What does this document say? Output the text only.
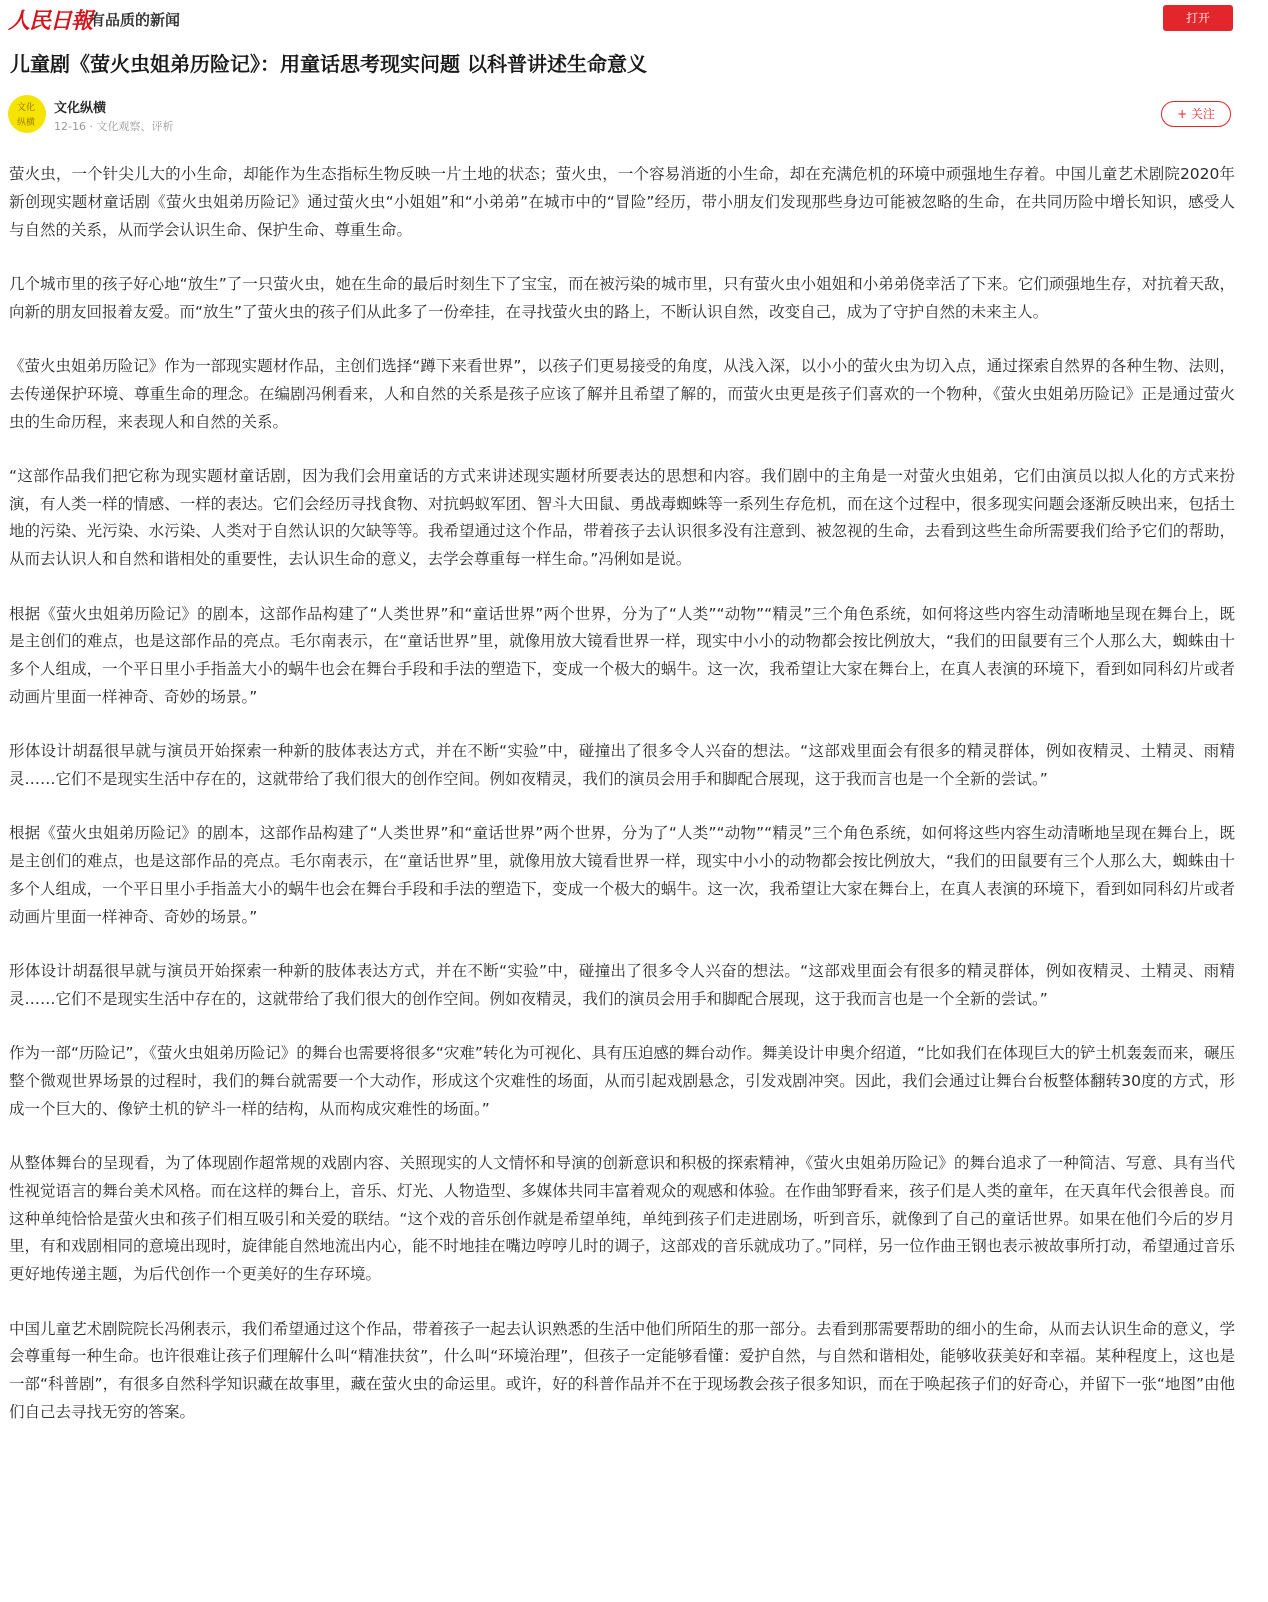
人民日報
有品质的新闻	打开
儿童剧《萤火虫姐弟历险记》：用童话思考现实问题 以科普讲述生命意义
文化
纵横
文化纵横
12-16 · 文化观察、评析
+ 关注

萤火虫，一个针尖儿大的小生命，却能作为生态指标生物反映一片土地的状态；萤火虫，一个容易消逝的小生命，却在充满危机的环境中顽强地生存着。中国儿童艺术剧院2020年新创现实题材童话剧《萤火虫姐弟历险记》通过萤火虫“小姐姐”和“小弟弟”在城市中的“冒险”经历，带小朋友们发现那些身边可能被忽略的生命，在共同历险中增长知识，感受人与自然的关系，从而学会认识生命、保护生命、尊重生命。

几个城市里的孩子好心地“放生”了一只萤火虫，她在生命的最后时刻生下了宝宝，而在被污染的城市里，只有萤火虫小姐姐和小弟弟侥幸活了下来。它们顽强地生存，对抗着天敌，向新的朋友回报着友爱。而“放生”了萤火虫的孩子们从此多了一份牵挂，在寻找萤火虫的路上，不断认识自然，改变自己，成为了守护自然的未来主人。

《萤火虫姐弟历险记》作为一部现实题材作品，主创们选择“蹲下来看世界”，以孩子们更易接受的角度，从浅入深，以小小的萤火虫为切入点，通过探索自然界的各种生物、法则，去传递保护环境、尊重生命的理念。在编剧冯俐看来，人和自然的关系是孩子应该了解并且希望了解的，而萤火虫更是孩子们喜欢的一个物种，《萤火虫姐弟历险记》正是通过萤火虫的生命历程，来表现人和自然的关系。

“这部作品我们把它称为现实题材童话剧，因为我们会用童话的方式来讲述现实题材所要表达的思想和内容。我们剧中的主角是一对萤火虫姐弟，它们由演员以拟人化的方式来扮演，有人类一样的情感、一样的表达。它们会经历寻找食物、对抗蚂蚁军团、智斗大田鼠、勇战毒蜘蛛等一系列生存危机，而在这个过程中，很多现实问题会逐渐反映出来，包括土地的污染、光污染、水污染、人类对于自然认识的欠缺等等。我希望通过这个作品，带着孩子去认识很多没有注意到、被忽视的生命，去看到这些生命所需要我们给予它们的帮助，从而去认识人和自然和谐相处的重要性，去认识生命的意义，去学会尊重每一样生命。”冯俐如是说。

根据《萤火虫姐弟历险记》的剧本，这部作品构建了“人类世界”和“童话世界”两个世界，分为了“人类”“动物”“精灵”三个角色系统，如何将这些内容生动清晰地呈现在舞台上，既是主创们的难点，也是这部作品的亮点。毛尔南表示，在“童话世界”里，就像用放大镜看世界一样，现实中小小的动物都会按比例放大，“我们的田鼠要有三个人那么大，蜘蛛由十多个人组成，一个平日里小手指盖大小的蜗牛也会在舞台手段和手法的塑造下，变成一个极大的蜗牛。这一次，我希望让大家在舞台上，在真人表演的环境下，看到如同科幻片或者动画片里面一样神奇、奇妙的场景。”

形体设计胡磊很早就与演员开始探索一种新的肢体表达方式，并在不断“实验”中，碰撞出了很多令人兴奋的想法。“这部戏里面会有很多的精灵群体，例如夜精灵、土精灵、雨精灵……它们不是现实生活中存在的，这就带给了我们很大的创作空间。例如夜精灵，我们的演员会用手和脚配合展现，这于我而言也是一个全新的尝试。”

根据《萤火虫姐弟历险记》的剧本，这部作品构建了“人类世界”和“童话世界”两个世界，分为了“人类”“动物”“精灵”三个角色系统，如何将这些内容生动清晰地呈现在舞台上，既是主创们的难点，也是这部作品的亮点。毛尔南表示，在“童话世界”里，就像用放大镜看世界一样，现实中小小的动物都会按比例放大，“我们的田鼠要有三个人那么大，蜘蛛由十多个人组成，一个平日里小手指盖大小的蜗牛也会在舞台手段和手法的塑造下，变成一个极大的蜗牛。这一次，我希望让大家在舞台上，在真人表演的环境下，看到如同科幻片或者动画片里面一样神奇、奇妙的场景。”

形体设计胡磊很早就与演员开始探索一种新的肢体表达方式，并在不断“实验”中，碰撞出了很多令人兴奋的想法。“这部戏里面会有很多的精灵群体，例如夜精灵、土精灵、雨精灵……它们不是现实生活中存在的，这就带给了我们很大的创作空间。例如夜精灵，我们的演员会用手和脚配合展现，这于我而言也是一个全新的尝试。”

作为一部“历险记”，《萤火虫姐弟历险记》的舞台也需要将很多“灾难”转化为可视化、具有压迫感的舞台动作。舞美设计申奥介绍道，“比如我们在体现巨大的铲土机轰轰而来，碾压整个微观世界场景的过程时，我们的舞台就需要一个大动作，形成这个灾难性的场面，从而引起戏剧悬念，引发戏剧冲突。因此，我们会通过让舞台台板整体翻转30度的方式，形成一个巨大的、像铲土机的铲斗一样的结构，从而构成灾难性的场面。”

从整体舞台的呈现看，为了体现剧作超常规的戏剧内容、关照现实的人文情怀和导演的创新意识和积极的探索精神，《萤火虫姐弟历险记》的舞台追求了一种简洁、写意、具有当代性视觉语言的舞台美术风格。而在这样的舞台上，音乐、灯光、人物造型、多媒体共同丰富着观众的观感和体验。在作曲邹野看来，孩子们是人类的童年，在天真年代会很善良。而这种单纯恰恰是萤火虫和孩子们相互吸引和关爱的联结。“这个戏的音乐创作就是希望单纯，单纯到孩子们走进剧场，听到音乐，就像到了自己的童话世界。如果在他们今后的岁月里，有和戏剧相同的意境出现时，旋律能自然地流出内心，能不时地挂在嘴边哼哼儿时的调子，这部戏的音乐就成功了。”同样，另一位作曲王钢也表示被故事所打动，希望通过音乐更好地传递主题，为后代创作一个更美好的生存环境。

中国儿童艺术剧院院长冯俐表示，我们希望通过这个作品，带着孩子一起去认识熟悉的生活中他们所陌生的那一部分。去看到那需要帮助的细小的生命，从而去认识生命的意义，学会尊重每一种生命。也许很难让孩子们理解什么叫“精准扶贫”，什么叫“环境治理”，但孩子一定能够看懂：爱护自然，与自然和谐相处，能够收获美好和幸福。某种程度上，这也是一部“科普剧”，有很多自然科学知识藏在故事里，藏在萤火虫的命运里。或许，好的科普作品并不在于现场教会孩子很多知识，而在于唤起孩子们的好奇心，并留下一张“地图”由他们自己去寻找无穷的答案。
